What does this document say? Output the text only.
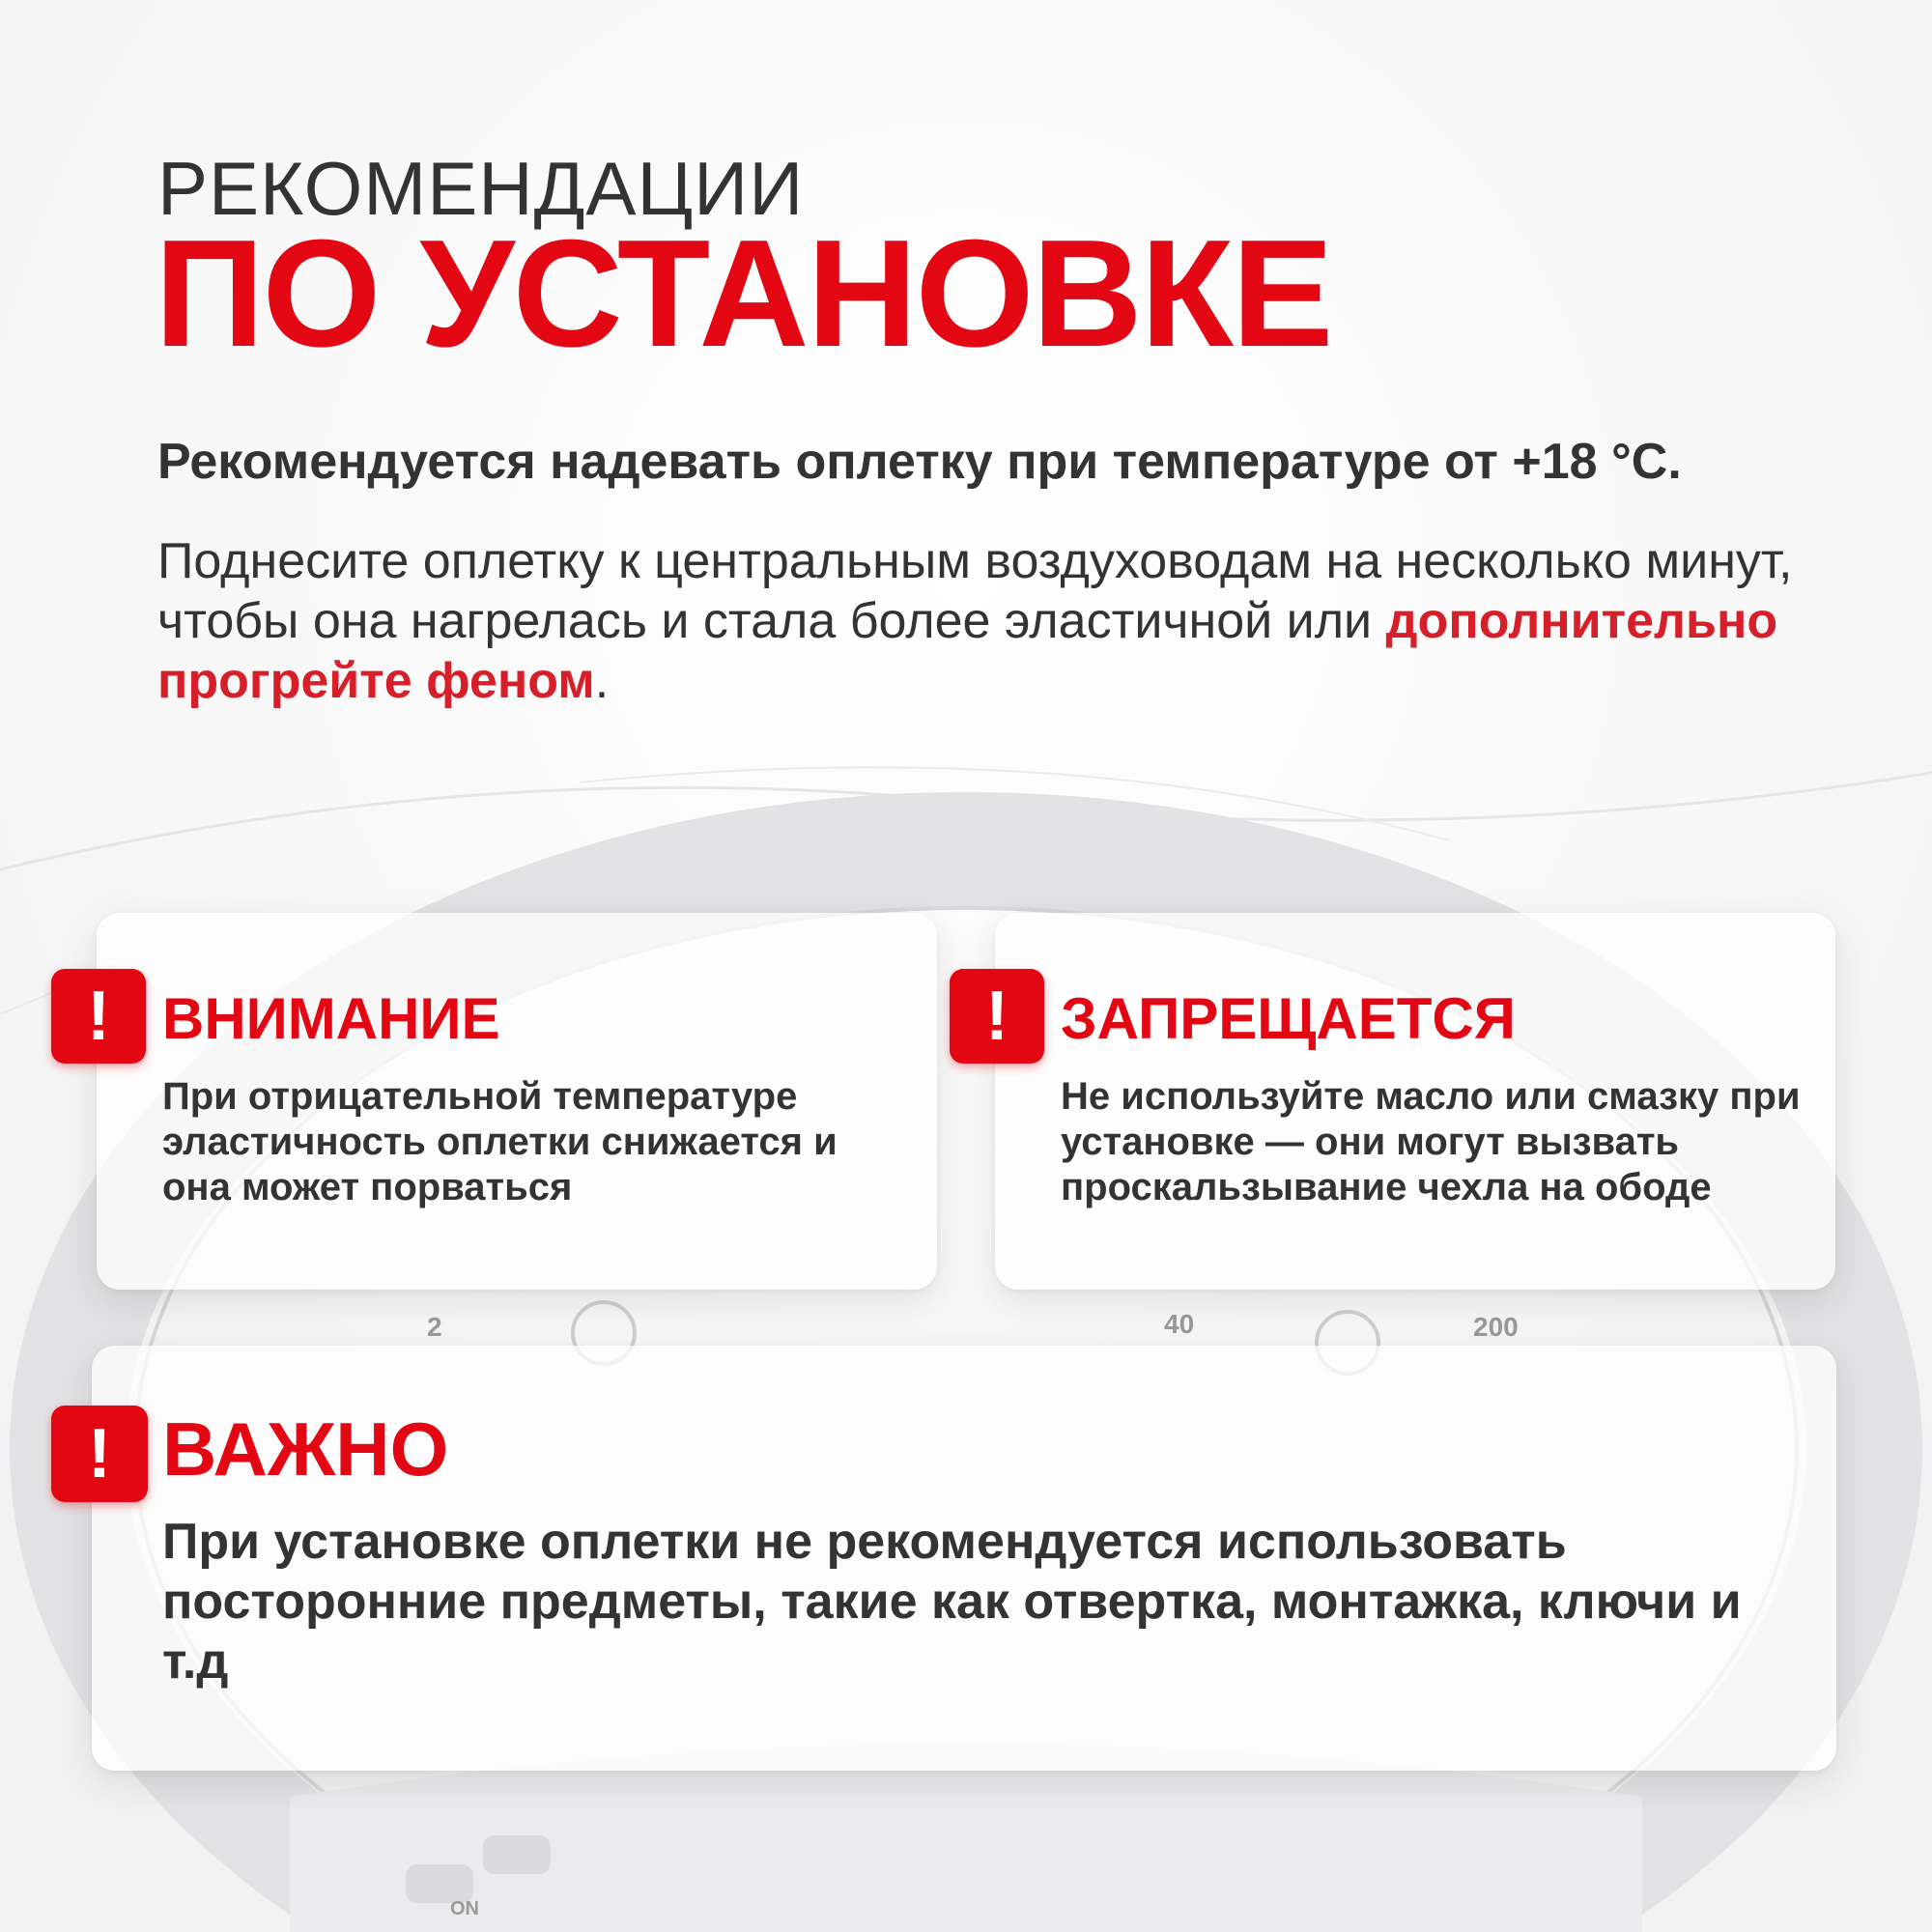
2	40	200
ON
РЕКОМЕНДАЦИИ
ПО УСТАНОВКЕ
Рекомендуется надевать оплетку при температуре от +18 °C.
Поднесите оплетку к центральным воздуховодам на несколько минут, чтобы она нагрелась и стала более эластичной или дополнительно прогрейте феном.
! ВНИМАНИЕ
При отрицательной температуре эластичность оплетки снижается и она может порваться
! ЗАПРЕЩАЕТСЯ
Не используйте масло или смазку при установке — они могут вызвать проскальзывание чехла на ободе
! ВАЖНО
При установке оплетки не рекомендуется использовать посторонние предметы, такие как отвертка, монтажка, ключи и т.д
